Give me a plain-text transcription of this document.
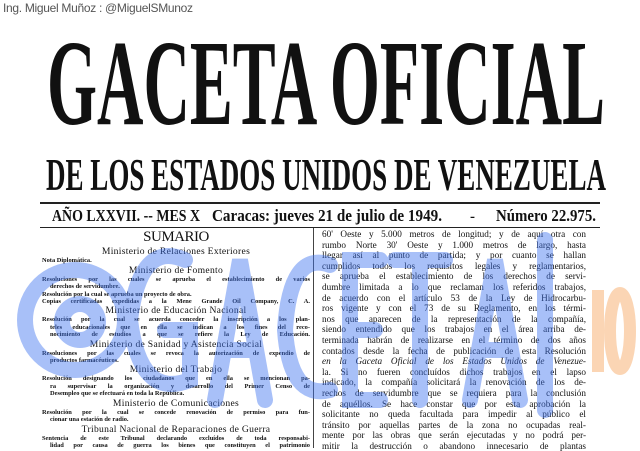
Ing. Miguel Muñoz : @MiguelSMunoz
GACETA OFICIAL
DE LOS ESTADOS UNIDOS DE VENEZUELA
AÑO LXXVII. -- MES X Caracas: jueves 21 de julio de 1949. - Número 22.975.
SUMARIO
Ministerio de Relaciones Exteriores
Nota Diplomática.
Ministerio de Fomento
Resoluciones por las cuales se aprueba el establecimiento de varios
derechos de servidumbre.
Resolución por la cual se aprueba un proyecto de obra.
Copias certificadas expedidas a la Mene Grande Oil Company, C. A.
Ministerio de Educación Nacional
Resolución por la cual se acuerda conceder la inscripción a los plan-
teles educacionales que en ella se indican a los fines del reco-
nocimiento de estudios a que se refiere la Ley de Educación.
Ministerio de Sanidad y Asistencia Social
Resoluciones por las cuales se revoca la autorización de expendio de
productos farmacéuticos.
Ministerio del Trabajo
Resolución designando los ciudadanos que en ella se mencionan pa-
ra supervisar la organización y desarrollo del Primer Censo de
Desempleo que se efectuará en toda la República.
Ministerio de Comunicaciones
Resolución por la cual se concede renovación de permiso para fun-
cionar una estación de radio.
Tribunal Nacional de Reparaciones de Guerra
Sentencia de este Tribunal declarando excluídos de toda responsabi-
lidad por causa de guerra los bienes que constituyen el patrimonio
60' Oeste y 5.000 metros de longitud; y de aquí otra con
rumbo Norte 30' Oeste y 1.000 metros de largo, hasta
llegar así al punto de partida; y por cuanto se hallan
cumplidos todos los requisitos legales y reglamentarios,
se aprueba el establecimiento de los derechos de servi-
dumbre limitada a lo que reclaman los referidos trabajos,
de acuerdo con el artículo 53 de la Ley de Hidrocarbu-
ros vigente y con el 73 de su Reglamento, en los térmi-
nos que aparecen de la representación de la compañía,
siendo entendido que los trabajos en el área arriba de-
terminada habrán de realizarse en el término de dos años
contados desde la fecha de publicación de esta Resolución
en la Gaceta Oficial de los Estados Unidos de Venezue-
la. Si no fueren concluídos dichos trabajos en el lapso
indicado, la compañía solicitará la renovación de los de-
rechos de servidumbre que se requiera para la conclusión
de aquéllos. Se hace constar que por esta aprobación la
solicitante no queda facultada para impedir al público el
tránsito por aquellas partes de la zona no ocupadas real-
mente por las obras que serán ejecutadas y no podrá per-
mitir la destrucción o abandono innecesario de plantas
